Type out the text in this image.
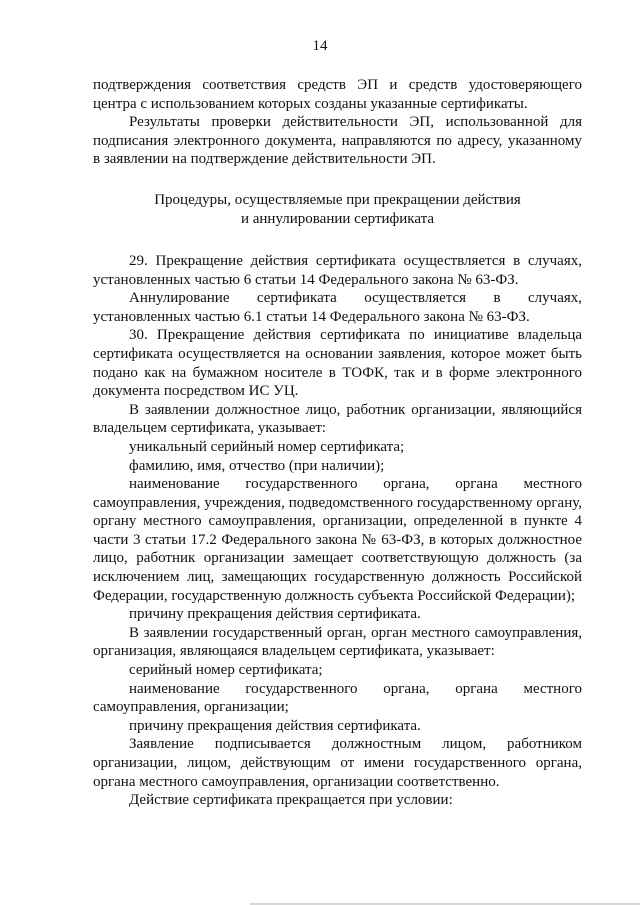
14

подтверждения соответствия средств ЭП и средств удостоверяющего центра с использованием которых созданы указанные сертификаты.

Результаты проверки действительности ЭП, использованной для подписания электронного документа, направляются по адресу, указанному в заявлении на подтверждение действительности ЭП.

Процедуры, осуществляемые при прекращении действия
и аннулировании сертификата

29. Прекращение действия сертификата осуществляется в случаях, установленных частью 6 статьи 14 Федерального закона № 63-ФЗ.

Аннулирование сертификата осуществляется в случаях, установленных частью 6.1 статьи 14 Федерального закона № 63-ФЗ.

30. Прекращение действия сертификата по инициативе владельца сертификата осуществляется на основании заявления, которое может быть подано как на бумажном носителе в ТОФК, так и в форме электронного документа посредством ИС УЦ.

В заявлении должностное лицо, работник организации, являющийся владельцем сертификата, указывает:

уникальный серийный номер сертификата;

фамилию, имя, отчество (при наличии);

наименование государственного органа, органа местного самоуправления, учреждения, подведомственного государственному органу, органу местного самоуправления, организации, определенной в пункте 4 части 3 статьи 17.2 Федерального закона № 63-ФЗ, в которых должностное лицо, работник организации замещает соответствующую должность (за исключением лиц, замещающих государственную должность Российской Федерации, государственную должность субъекта Российской Федерации);

причину прекращения действия сертификата.

В заявлении государственный орган, орган местного самоуправления, организация, являющаяся владельцем сертификата, указывает:

серийный номер сертификата;

наименование государственного органа, органа местного самоуправления, организации;

причину прекращения действия сертификата.

Заявление подписывается должностным лицом, работником организации, лицом, действующим от имени государственного органа, органа местного самоуправления, организации соответственно.

Действие сертификата прекращается при условии:
